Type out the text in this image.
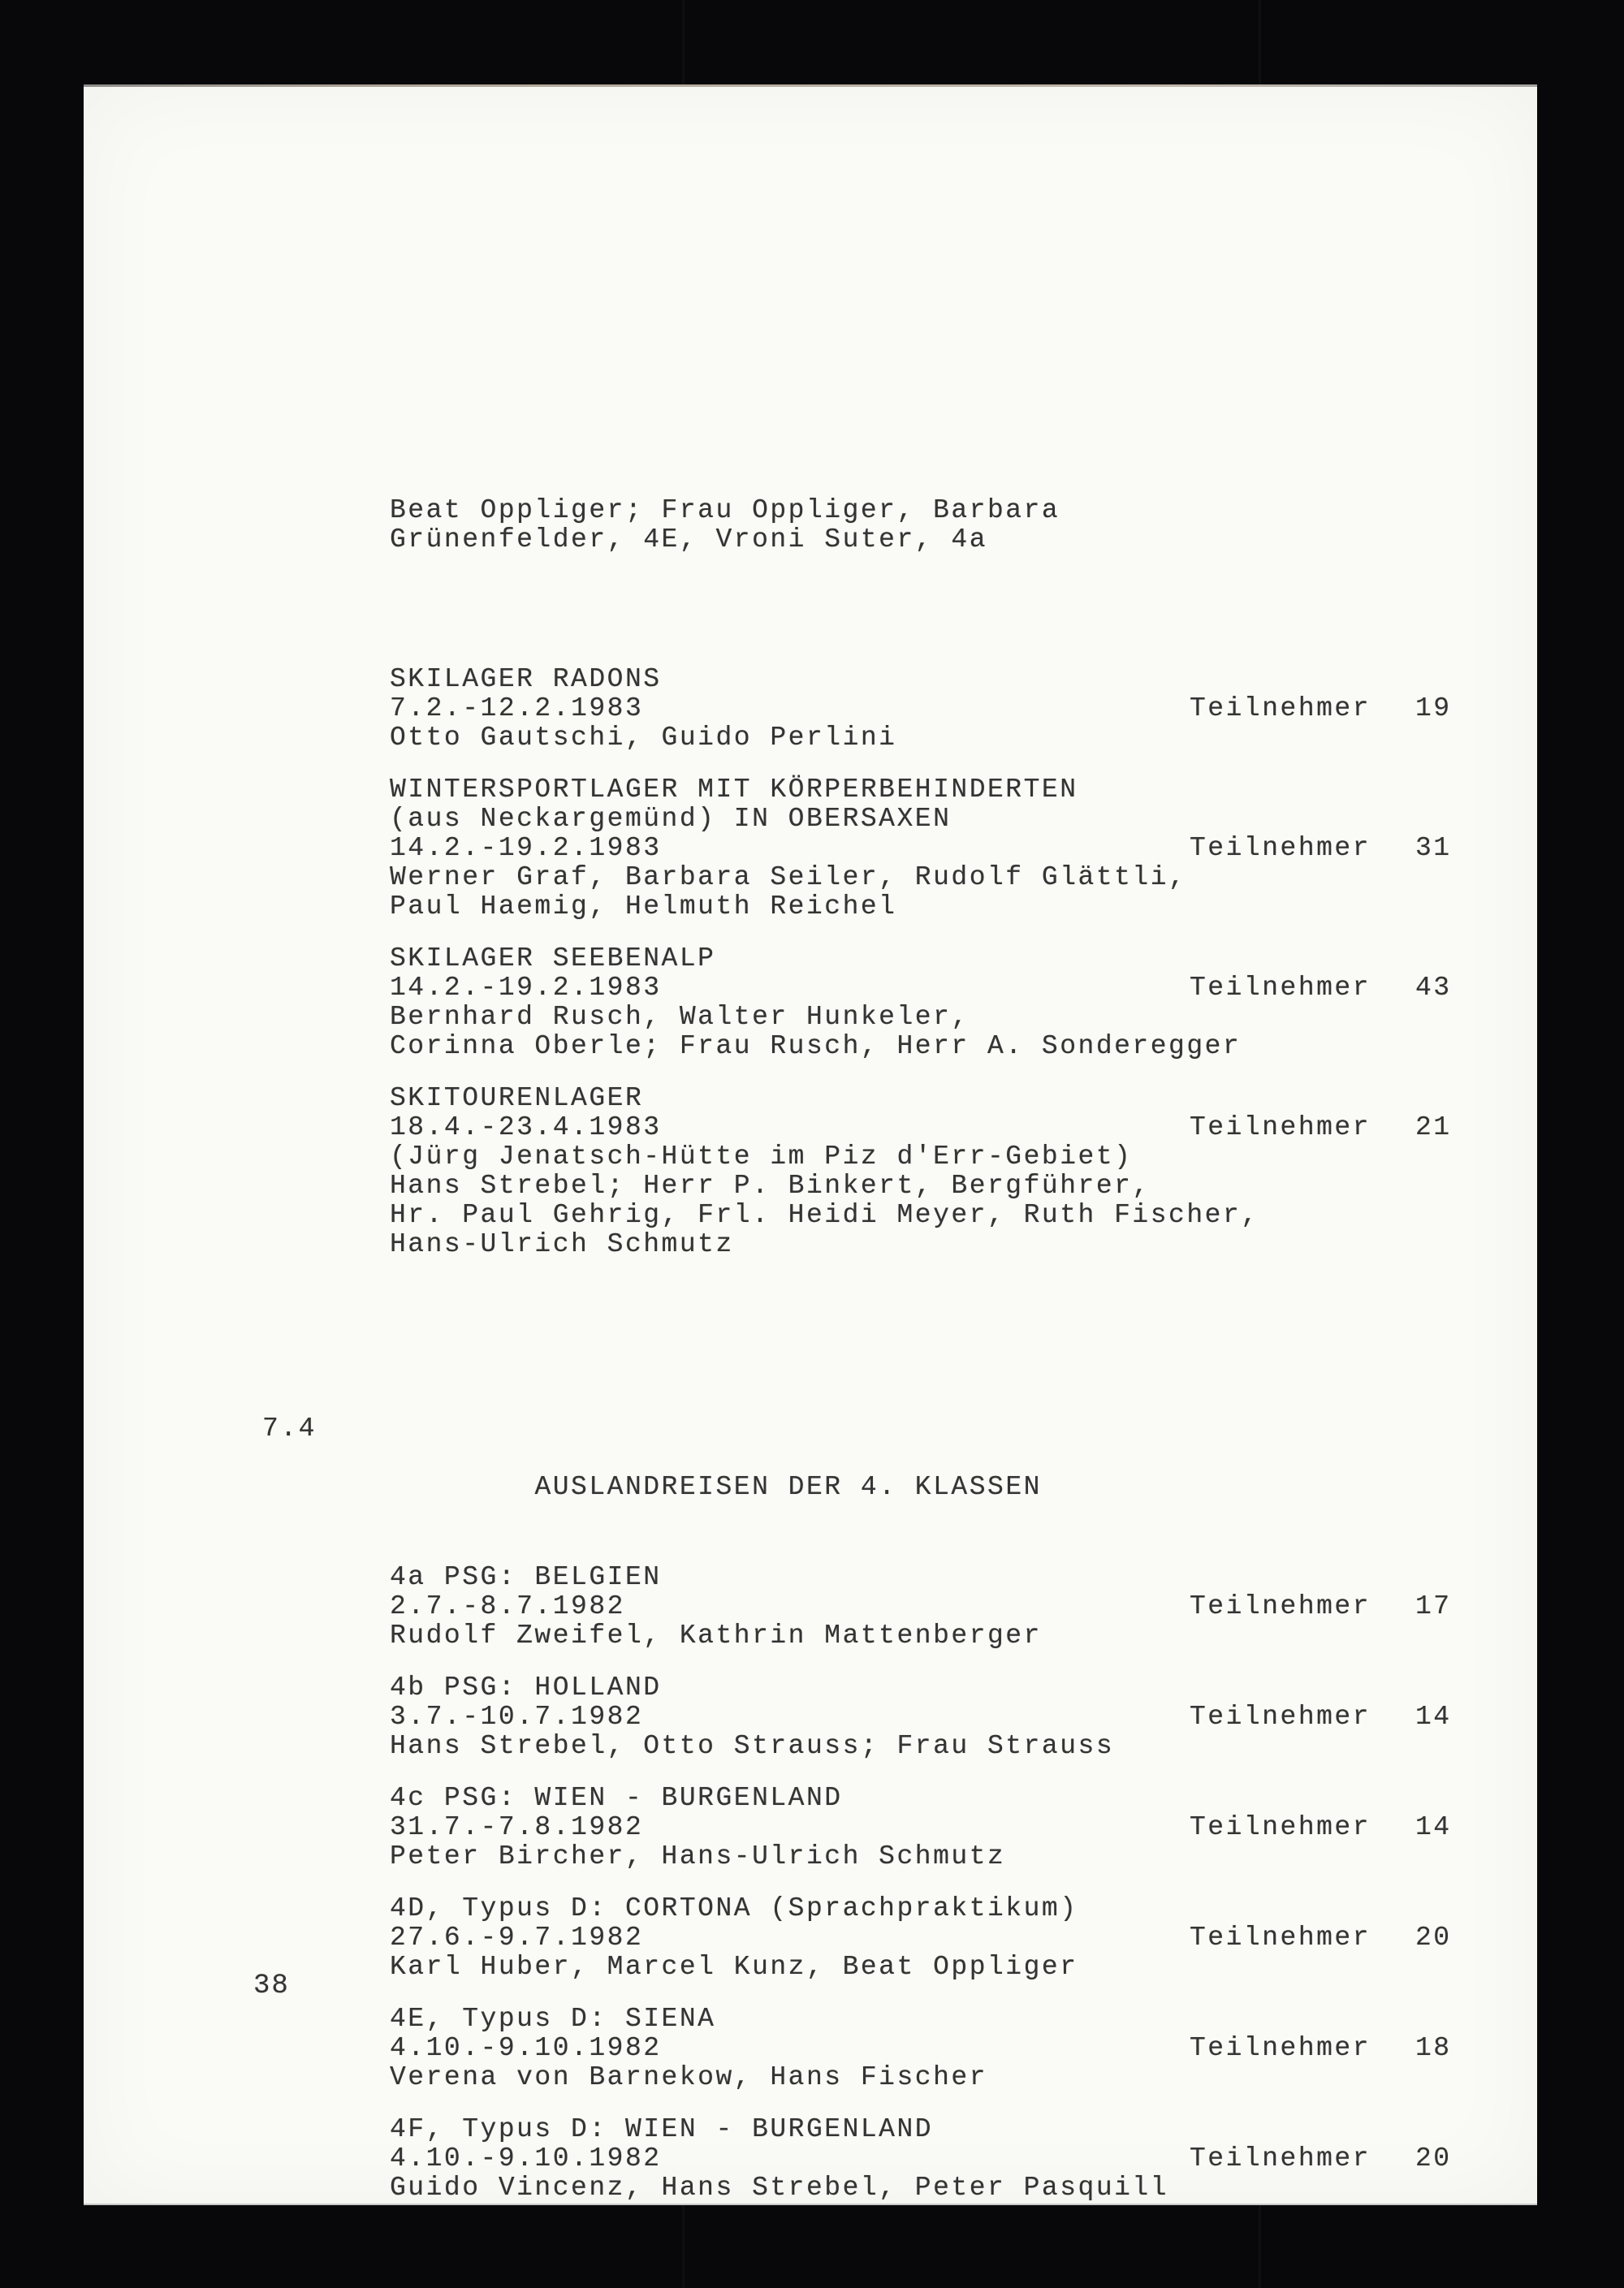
Beat Oppliger; Frau Oppliger, Barbara
Grünenfelder, 4E, Vroni Suter, 4a

SKILAGER RADONS
7.2.-12.2.1983	Teilnehmer 19
Otto Gautschi, Guido Perlini
WINTERSPORTLAGER MIT KÖRPERBEHINDERTEN
(aus Neckargemünd) IN OBERSAXEN
14.2.-19.2.1983	Teilnehmer 31
Werner Graf, Barbara Seiler, Rudolf Glättli,
Paul Haemig, Helmuth Reichel
SKILAGER SEEBENALP
14.2.-19.2.1983	Teilnehmer 43
Bernhard Rusch, Walter Hunkeler,
Corinna Oberle; Frau Rusch, Herr A. Sonderegger
SKITOURENLAGER
18.4.-23.4.1983	Teilnehmer 21
(Jürg Jenatsch-Hütte im Piz d'Err-Gebiet)
Hans Strebel; Herr P. Binkert, Bergführer,
Hr. Paul Gehrig, Frl. Heidi Meyer, Ruth Fischer,
Hans-Ulrich Schmutz

7.4

AUSLANDREISEN DER 4. KLASSEN

4a PSG: BELGIEN
2.7.-8.7.1982	Teilnehmer 17
Rudolf Zweifel, Kathrin Mattenberger
4b PSG: HOLLAND
3.7.-10.7.1982	Teilnehmer 14
Hans Strebel, Otto Strauss; Frau Strauss
4c PSG: WIEN - BURGENLAND
31.7.-7.8.1982	Teilnehmer 14
Peter Bircher, Hans-Ulrich Schmutz
4D, Typus D: CORTONA (Sprachpraktikum)
27.6.-9.7.1982	Teilnehmer 20
Karl Huber, Marcel Kunz, Beat Oppliger
4E, Typus D: SIENA
4.10.-9.10.1982	Teilnehmer 18
Verena von Barnekow, Hans Fischer
4F, Typus D: WIEN - BURGENLAND
4.10.-9.10.1982	Teilnehmer 20
Guido Vincenz, Hans Strebel, Peter Pasquill

38
